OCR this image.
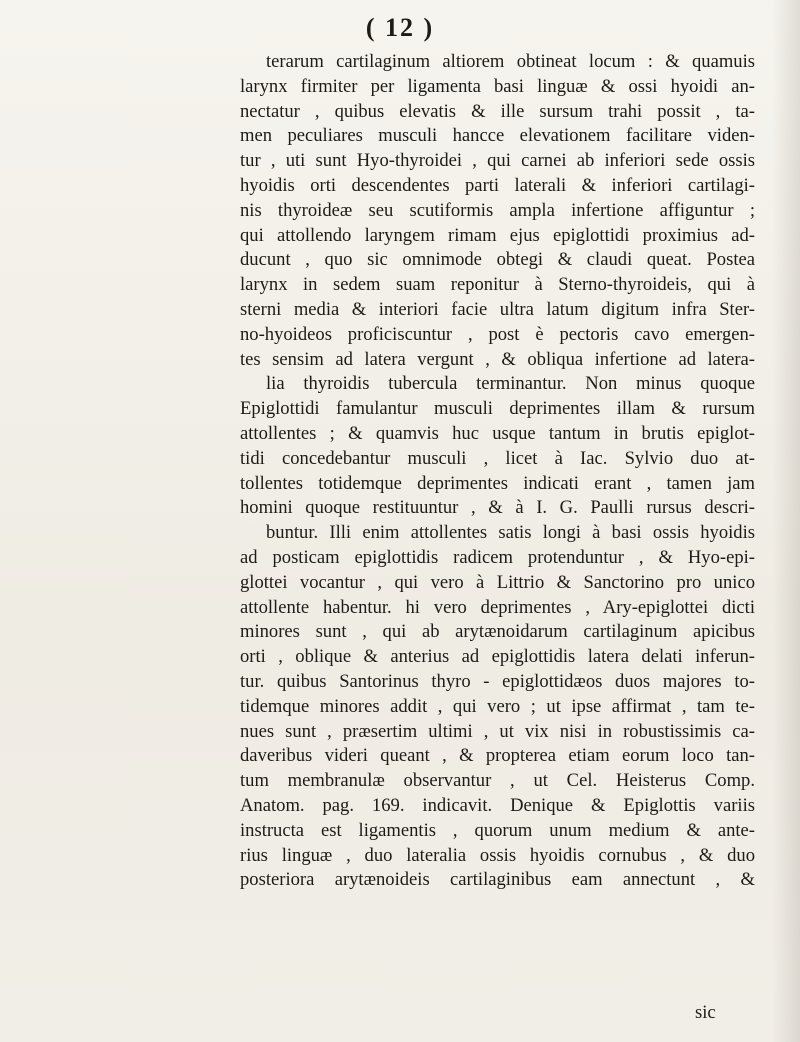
( 12 )
terarum cartilaginum altiorem obtineat locum : & quamuis
larynx firmiter per ligamenta basi linguæ & ossi hyoidi an-
nectatur , quibus elevatis & ille sursum trahi possit , ta-
men peculiares musculi hancce elevationem facilitare viden-
tur , uti sunt Hyo-thyroidei , qui carnei ab inferiori sede ossis
hyoidis orti descendentes parti laterali & inferiori cartilagi-
nis thyroideæ seu scutiformis ampla infertione affiguntur ;
qui attollendo laryngem rimam ejus epiglottidi proximius ad-
ducunt , quo sic omnimode obtegi & claudi queat. Postea
larynx in sedem suam reponitur à Sterno-thyroideis, qui à
sterni media & interiori facie ultra latum digitum infra Ster-
no-hyoideos proficiscuntur , post è pectoris cavo emergen-
tes sensim ad latera vergunt , & obliqua infertione ad latera-
lia thyroidis tubercula terminantur. Non minus quoque
Epiglottidi famulantur musculi deprimentes illam & rursum
attollentes ; & quamvis huc usque tantum in brutis epiglot-
tidi concedebantur musculi , licet à Iac. Sylvio duo at-
tollentes totidemque deprimentes indicati erant , tamen jam
homini quoque restituuntur , & à I. G. Paulli rursus descri-
buntur. Illi enim attollentes satis longi à basi ossis hyoidis
ad posticam epiglottidis radicem protenduntur , & Hyo-epi-
glottei vocantur , qui vero à Littrio & Sanctorino pro unico
attollente habentur. hi vero deprimentes , Ary-epiglottei dicti
minores sunt , qui ab arytænoidarum cartilaginum apicibus
orti , oblique & anterius ad epiglottidis latera delati inferun-
tur. quibus Santorinus thyro - epiglottidæos duos majores to-
tidemque minores addit , qui vero ; ut ipse affirmat , tam te-
nues sunt , præsertim ultimi , ut vix nisi in robustissimis ca-
daveribus videri queant , & propterea etiam eorum loco tan-
tum membranulæ observantur , ut Cel. Heisterus Comp.
Anatom. pag. 169. indicavit. Denique & Epiglottis variis
instructa est ligamentis , quorum unum medium & ante-
rius linguæ , duo lateralia ossis hyoidis cornubus , & duo
posteriora arytænoideis cartilaginibus eam annectunt , &
sic
